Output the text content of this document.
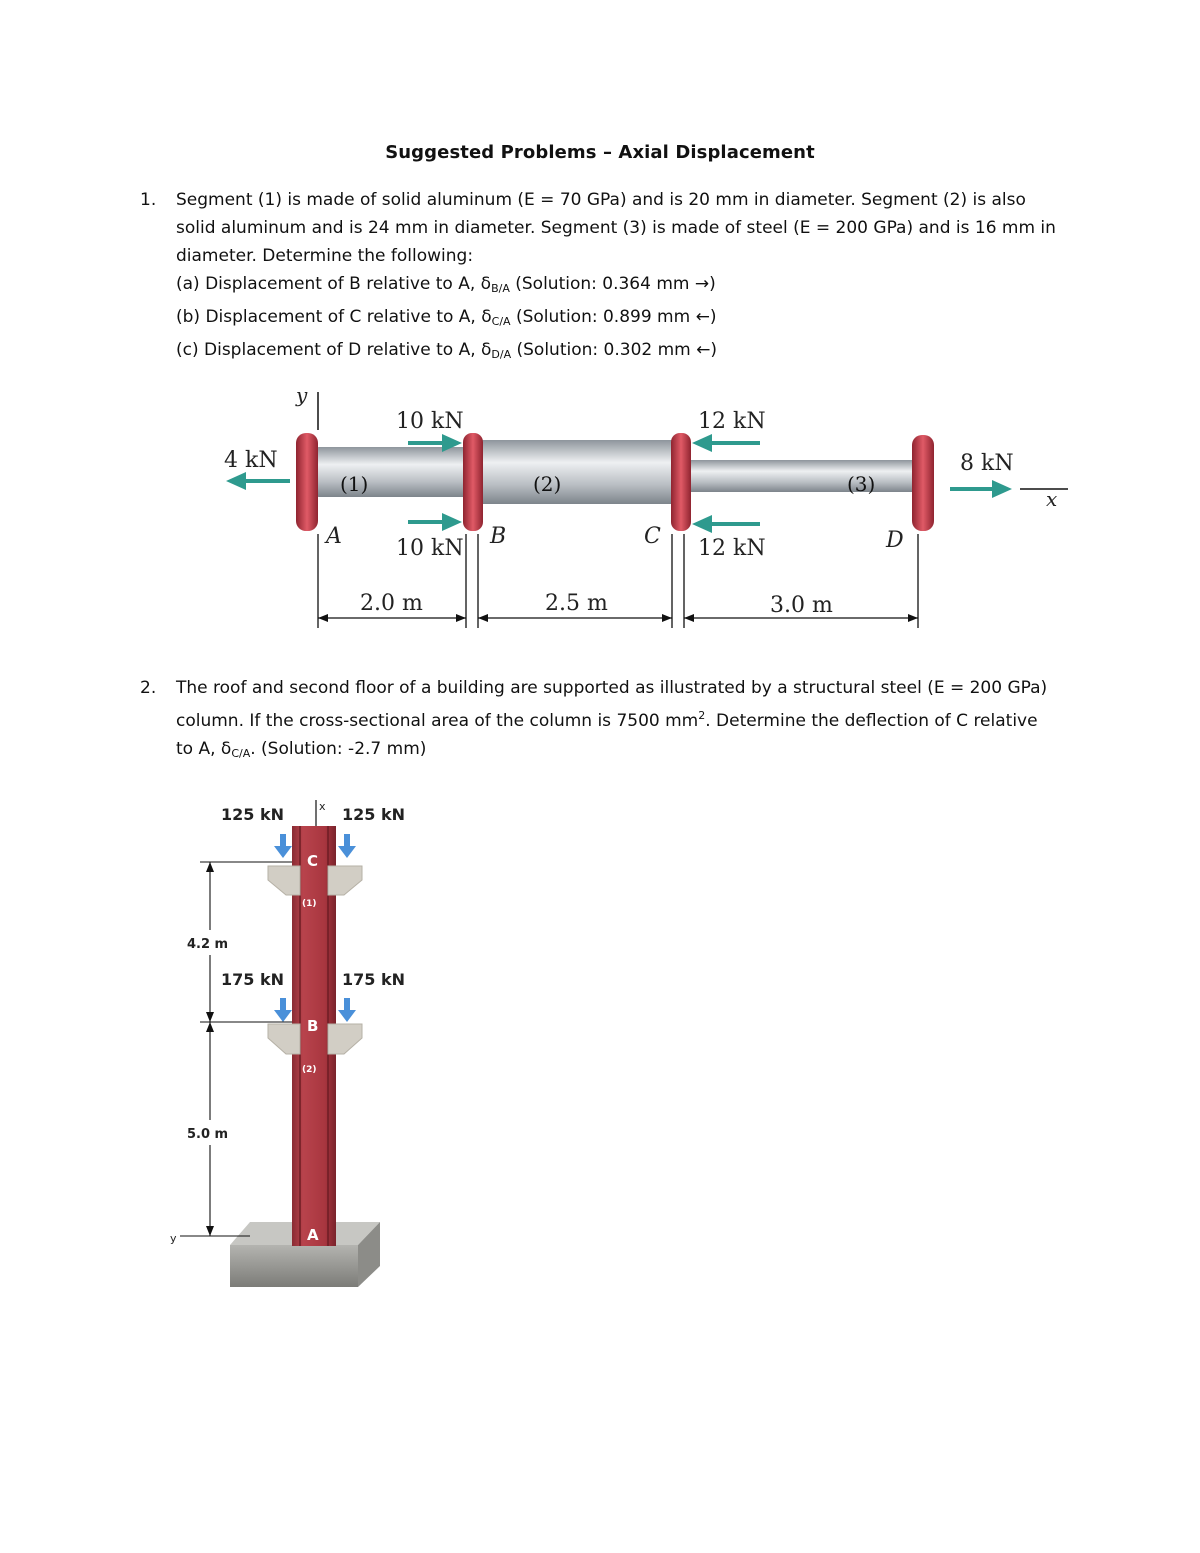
Suggested Problems – Axial Displacement
1. Segment (1) is made of solid aluminum (E = 70 GPa) and is 20 mm in diameter. Segment (2) is also solid aluminum and is 24 mm in diameter. Segment (3) is made of steel (E = 200 GPa) and is 16 mm in diameter. Determine the following:

(a) Displacement of B relative to A, $\delta_{B/A}$ (Solution: 0.364 mm →)
(b) Displacement of C relative to A, $\delta_{C/A}$ (Solution: 0.899 mm ←)
(c) Displacement of D relative to A, $\delta_{D/A}$ (Solution: 0.302 mm ←)
y
(1)	(2)	(3)
4 kN
10 kN
10 kN
12 kN
12 kN
8 kN
x
A	B	C	D
2.0 m	2.5 m	3.0 m
2. The roof and second floor of a building are supported as illustrated by a structural steel (E = 200 GPa) column. If the cross-sectional area of the column is 7500 $mm^2$. Determine the deflection of C relative to A, $\delta_{C/A}$. (Solution: -2.7 mm)

125 kN	125 kN
175 kN	175 kN
x
C
B
A
(1)
(2)
4.2 m
5.0 m
y
